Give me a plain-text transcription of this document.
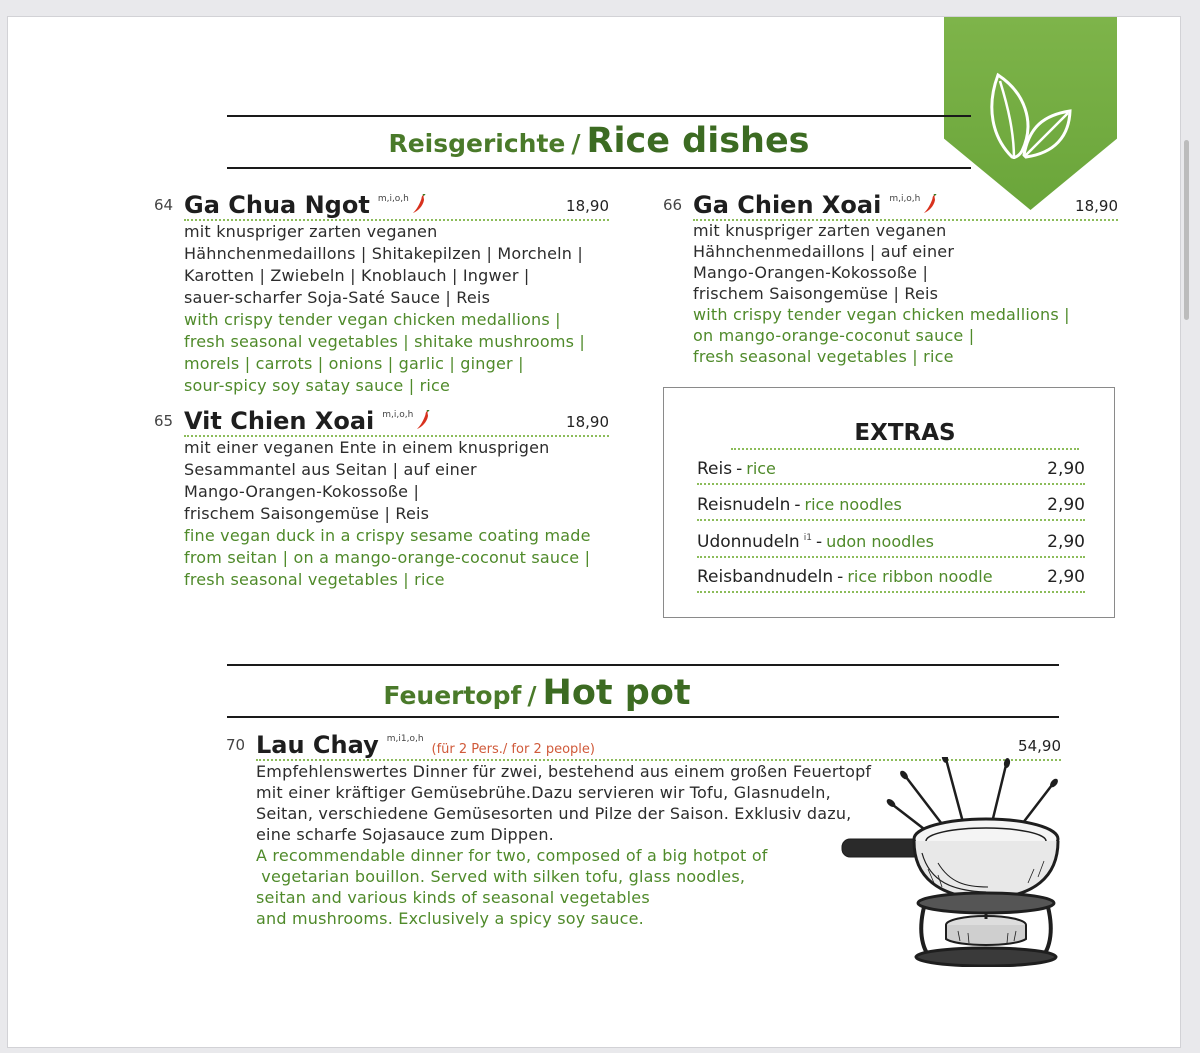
Reisgerichte / Rice dishes
64 Ga Chua Ngot m,i,o,h	18,90

mit knuspriger zarten veganen

Hähnchenmedaillons | Shitakepilzen | Morcheln |

Karotten | Zwiebeln | Knoblauch | Ingwer |

sauer-scharfer Soja-Saté Sauce | Reis

with crispy tender vegan chicken medallions |

fresh seasonal vegetables | shitake mushrooms |

morels | carrots | onions | garlic | ginger |

sour-spicy soy satay sauce | rice

65 Vit Chien Xoai m,i,o,h	18,90

mit einer veganen Ente in einem knusprigen

Sesammantel aus Seitan | auf einer

Mango-Orangen-Kokossoße |

frischem Saisongemüse | Reis

fine vegan duck in a crispy sesame coating made

from seitan | on a mango-orange-coconut sauce |

fresh seasonal vegetables | rice

66 Ga Chien Xoai m,i,o,h	18,90

mit knuspriger zarten veganen

Hähnchenmedaillons | auf einer

Mango-Orangen-Kokossoße |

frischem Saisongemüse | Reis

with crispy tender vegan chicken medallions |

on mango-orange-coconut sauce |

fresh seasonal vegetables | rice

EXTRAS
Reis - rice	2,90
Reisnudeln - rice noodles	2,90
Udonnudeln $^{i1}$ - udon noodles	2,90
Reisbandnudeln - rice ribbon noodle	2,90
Feuertopf / Hot pot
70 Lau Chay m,i1,o,h
(für 2 Pers./ for 2 people)	54,90

Empfehlenswertes Dinner für zwei, bestehend aus einem großen Feuertopf

mit einer kräftiger Gemüsebrühe.Dazu servieren wir Tofu, Glasnudeln,

Seitan, verschiedene Gemüsesorten und Pilze der Saison. Exklusiv dazu,

eine scharfe Sojasauce zum Dippen.

A recommendable dinner for two, composed of a big hotpot of

vegetarian bouillon. Served with silken tofu, glass noodles,

seitan and various kinds of seasonal vegetables

and mushrooms. Exclusively a spicy soy sauce.
